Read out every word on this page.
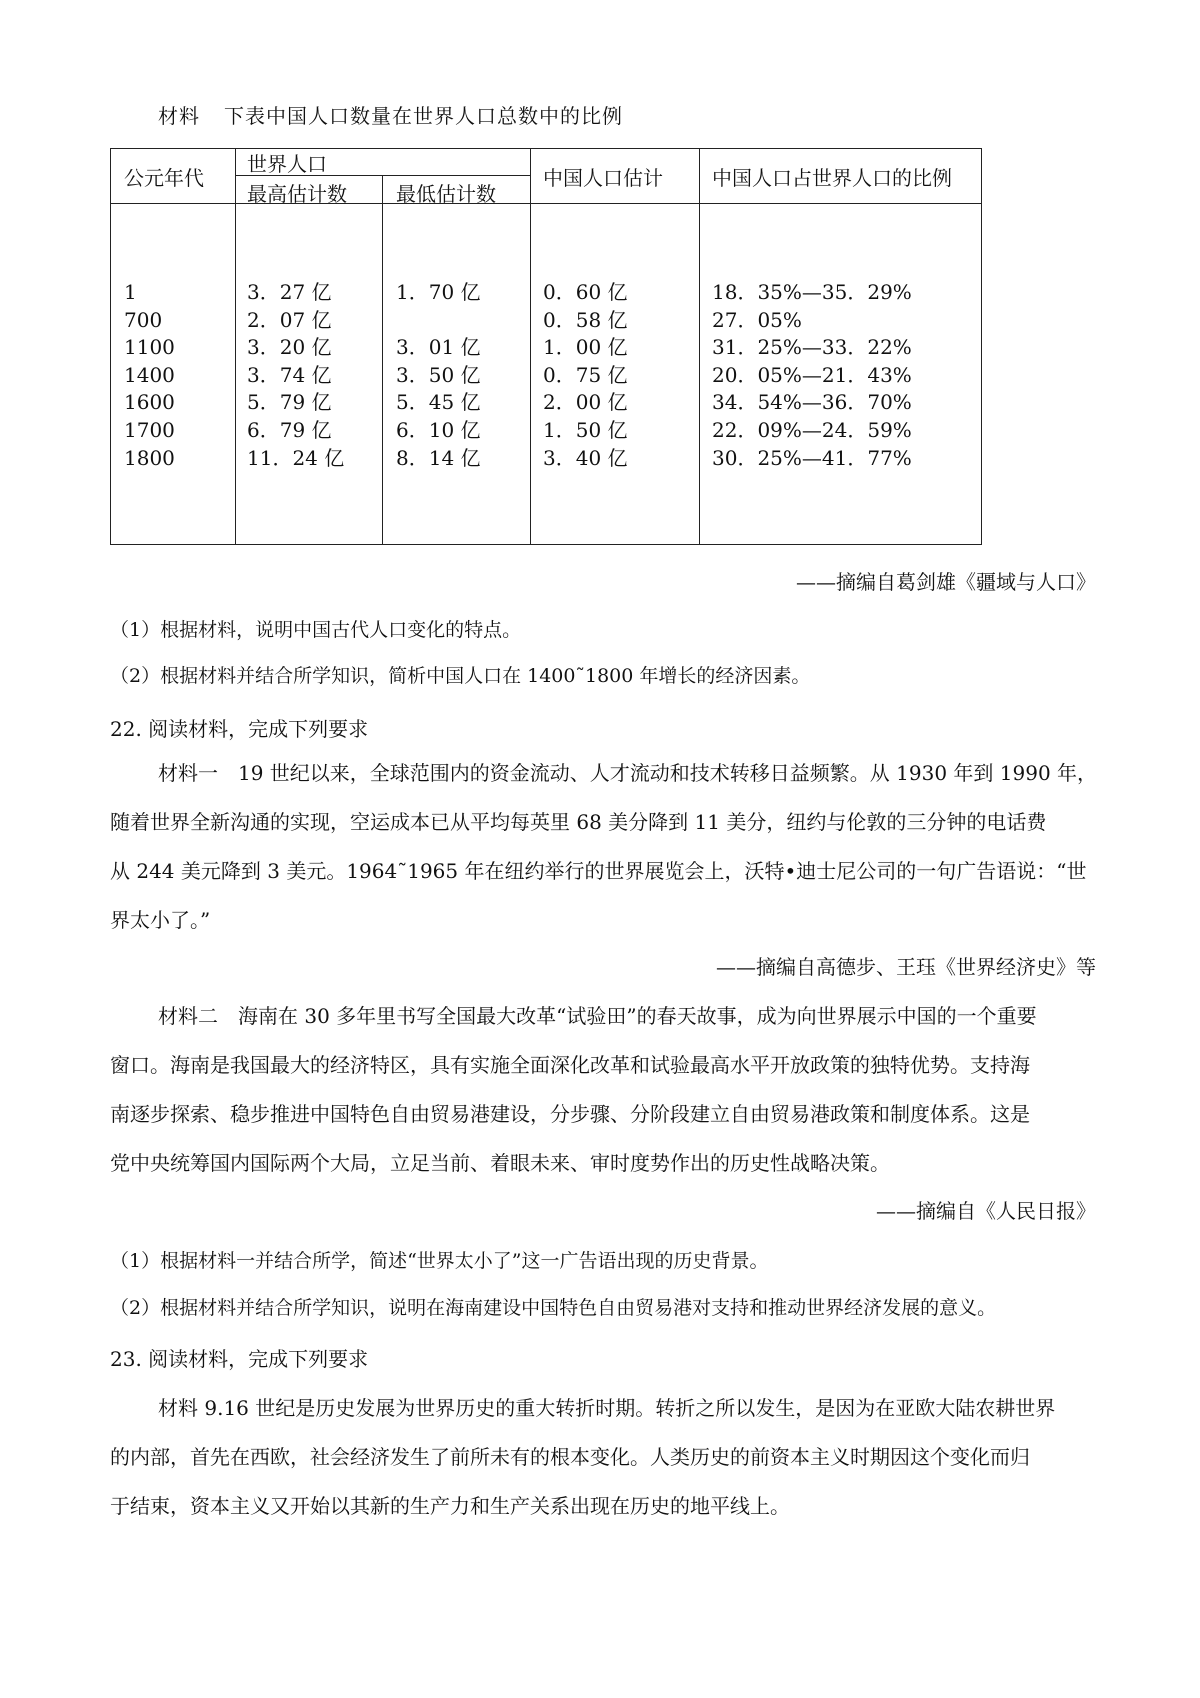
材料 下表中国人口数量在世界人口总数中的比例
公元年代
世界人口
最高估计数 最低估计数
中国人口估计 中国人口占世界人口的比例
1
700
1100
1400
1600
1700
1800
3．27 亿
2．07 亿
3．20 亿
3．74 亿
5．79 亿
6．79 亿
11．24 亿
1．70 亿
3．01 亿
3．50 亿
5．45 亿
6．10 亿
8．14 亿
0．60 亿
0．58 亿
1．00 亿
0．75 亿
2．00 亿
1．50 亿
3．40 亿
18．35%—35．29%
27．05%
31．25%—33．22%
20．05%—21．43%
34．54%—36．70%
22．09%—24．59%
30．25%—41．77%
——摘编自葛剑雄《疆域与人口》
（1）根据材料，说明中国古代人口变化的特点。
（2）根据材料并结合所学知识，简析中国人口在 1400˜1800 年增长的经济因素。
22. 阅读材料，完成下列要求
材料一　19 世纪以来，全球范围内的资金流动、人才流动和技术转移日益频繁。从 1930 年到 1990 年，
随着世界全新沟通的实现，空运成本已从平均每英里 68 美分降到 11 美分，纽约与伦敦的三分钟的电话费
从 244 美元降到 3 美元。1964˜1965 年在纽约举行的世界展览会上，沃特•迪士尼公司的一句广告语说：“世
界太小了。”
——摘编自高德步、王珏《世界经济史》等
材料二　海南在 30 多年里书写全国最大改革“试验田”的春天故事，成为向世界展示中国的一个重要
窗口。海南是我国最大的经济特区，具有实施全面深化改革和试验最高水平开放政策的独特优势。支持海
南逐步探索、稳步推进中国特色自由贸易港建设，分步骤、分阶段建立自由贸易港政策和制度体系。这是
党中央统筹国内国际两个大局，立足当前、着眼未来、审时度势作出的历史性战略决策。
——摘编自《人民日报》
（1）根据材料一并结合所学，简述“世界太小了”这一广告语出现的历史背景。
（2）根据材料并结合所学知识，说明在海南建设中国特色自由贸易港对支持和推动世界经济发展的意义。
23. 阅读材料，完成下列要求
材料 9.16 世纪是历史发展为世界历史的重大转折时期。转折之所以发生，是因为在亚欧大陆农耕世界
的内部，首先在西欧，社会经济发生了前所未有的根本变化。人类历史的前资本主义时期因这个变化而归
于结束，资本主义又开始以其新的生产力和生产关系出现在历史的地平线上。
